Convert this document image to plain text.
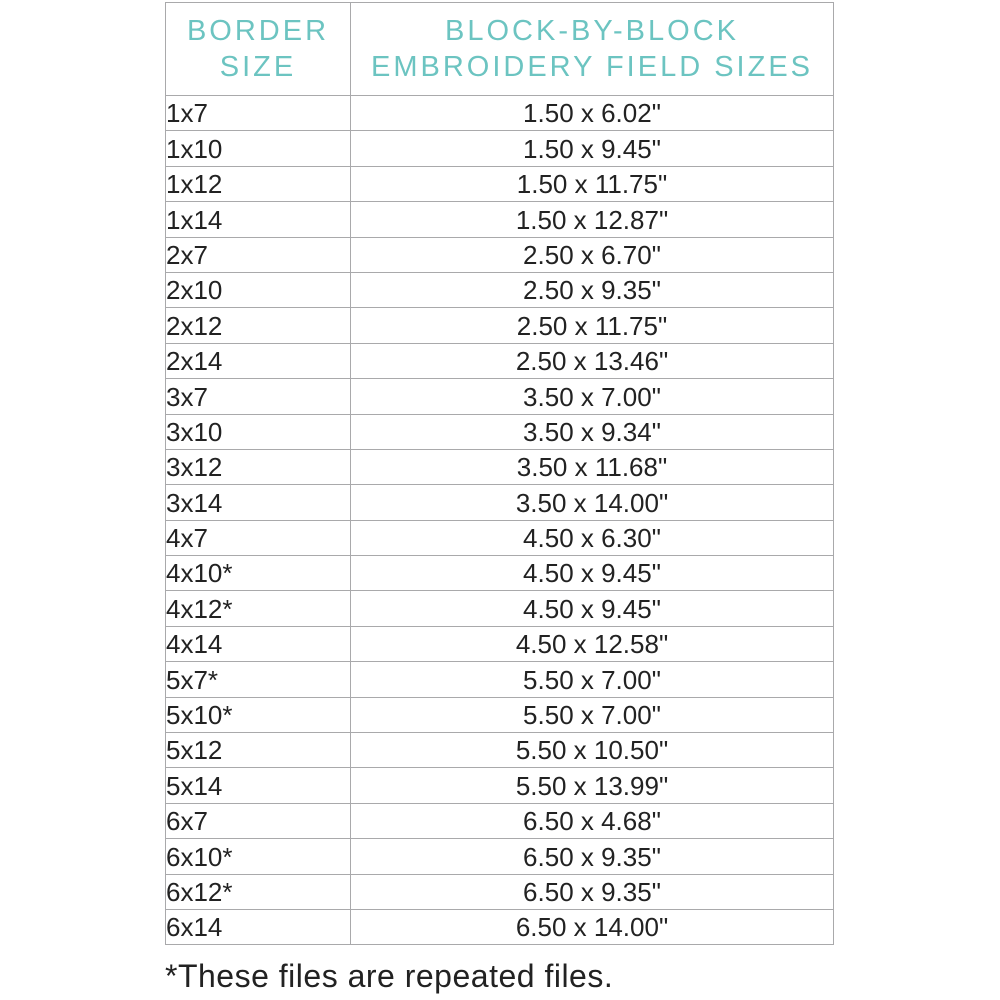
BORDER
SIZE	BLOCK-BY-BLOCK
EMBROIDERY FIELD SIZES

1x7	1.50 x 6.02"
1x10	1.50 x 9.45"
1x12	1.50 x 11.75"
1x14	1.50 x 12.87"
2x7	2.50 x 6.70"
2x10	2.50 x 9.35"
2x12	2.50 x 11.75"
2x14	2.50 x 13.46"
3x7	3.50 x 7.00"
3x10	3.50 x 9.34"
3x12	3.50 x 11.68"
3x14	3.50 x 14.00"
4x7	4.50 x 6.30"
4x10*	4.50 x 9.45"
4x12*	4.50 x 9.45"
4x14	4.50 x 12.58"
5x7*	5.50 x 7.00"
5x10*	5.50 x 7.00"
5x12	5.50 x 10.50"
5x14	5.50 x 13.99"
6x7	6.50 x 4.68"
6x10*	6.50 x 9.35"
6x12*	6.50 x 9.35"
6x14	6.50 x 14.00"
*These files are repeated files.
